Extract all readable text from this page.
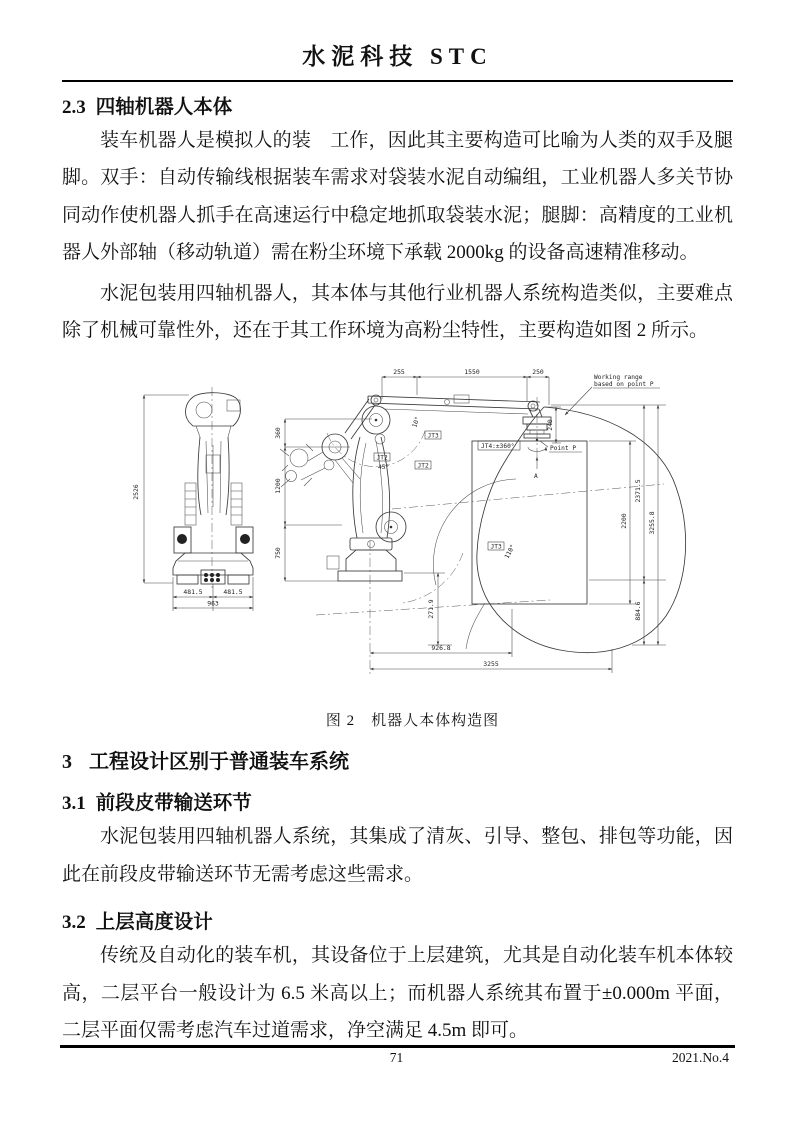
水泥科技 STC
2.3 四轴机器人本体

装车机器人是模拟人的装　工作，因此其主要构造可比喻为人类的双手及腿脚。双手：自动传输线根据装车需求对袋装水泥自动编组，工业机器人多关节协同动作使机器人抓手在高速运行中稳定地抓取袋装水泥；腿脚：高精度的工业机器人外部轴（移动轨道）需在粉尘环境下承载 2000kg 的设备高速精准移动。

水泥包装用四轴机器人，其本体与其他行业机器人系统构造类似，主要难点除了机械可靠性外，还在于其工作环境为高粉尘特性，主要构造如图 2 所示。

2526
481.5	481.5
963
Working range
based on point P
Point P
A
JT4:±360°
JT3
10°
JT2
45°	JT2
JT3 110°
255	1550	250
360
1200
750
240
2200
2371.5
884.6
3255.8
271.9
926.8
3255
图 2　机器人本体构造图
3 工程设计区别于普通装车系统
3.1 前段皮带输送环节

水泥包装用四轴机器人系统，其集成了清灰、引导、整包、排包等功能，因此在前段皮带输送环节无需考虑这些需求。

3.2 上层高度设计

传统及自动化的装车机，其设备位于上层建筑，尤其是自动化装车机本体较高，二层平台一般设计为 6.5 米高以上；而机器人系统其布置于±0.000m 平面，二层平面仅需考虑汽车过道需求，净空满足 4.5m 即可。

71	2021.No.4
